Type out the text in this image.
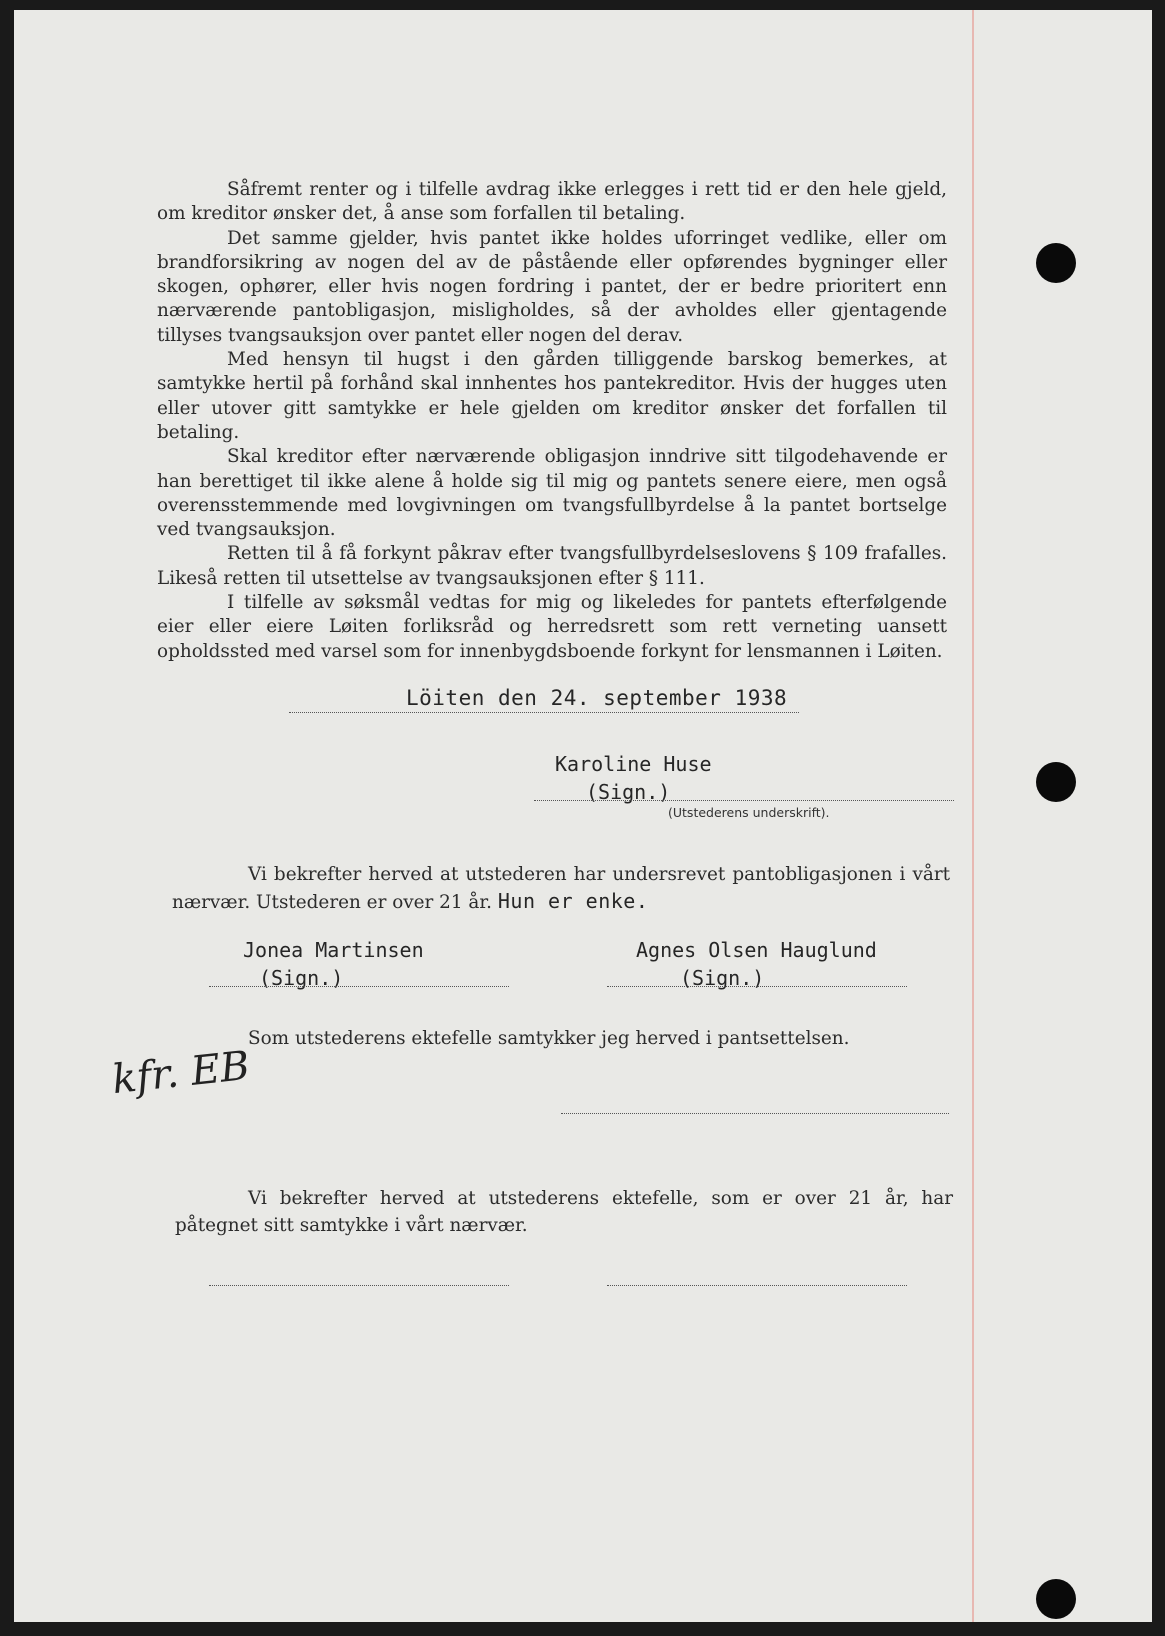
Såfremt renter og i tilfelle avdrag ikke erlegges i rett tid er den hele gjeld, om kreditor ønsker det, å anse som forfallen til betaling.

Det samme gjelder, hvis pantet ikke holdes uforringet vedlike, eller om brandforsikring av nogen del av de påstående eller opførendes bygninger eller skogen, ophører, eller hvis nogen fordring i pantet, der er bedre prioritert enn nærværende pantobligasjon, misligholdes, så der avholdes eller gjentagende tillyses tvangsauksjon over pantet eller nogen del derav.

Med hensyn til hugst i den gården tilliggende barskog bemerkes, at samtykke hertil på forhånd skal innhentes hos pantekreditor. Hvis der hugges uten eller utover gitt samtykke er hele gjelden om kreditor ønsker det forfallen til betaling.

Skal kreditor efter nærværende obligasjon inndrive sitt tilgodehavende er han berettiget til ikke alene å holde sig til mig og pantets senere eiere, men også overensstemmende med lovgivningen om tvangsfullbyrdelse å la pantet bortselge ved tvangsauksjon.

Retten til å få forkynt påkrav efter tvangsfullbyrdelseslovens § 109 frafalles. Likeså retten til utsettelse av tvangsauksjonen efter § 111.

I tilfelle av søksmål vedtas for mig og likeledes for pantets efterfølgende eier eller eiere Løiten forliksråd og herredsrett som rett verneting uansett opholdssted med varsel som for innenbygdsboende forkynt for lensmannen i Løiten.

Löiten den 24. september 1938
Karoline Huse
(Sign.)
(Utstederens underskrift).

Vi bekrefter herved at utstederen har undersrevet pantobligasjonen i vårt nærvær. Utstederen er over 21 år. Hun er enke.

Jonea Martinsen
(Sign.)
Agnes Olsen Hauglund
(Sign.)
Som utstederens ektefelle samtykker jeg herved i pantsettelsen.
kfr. EB

Vi bekrefter herved at utstederens ektefelle, som er over 21 år, har påtegnet sitt samtykke i vårt nærvær.
